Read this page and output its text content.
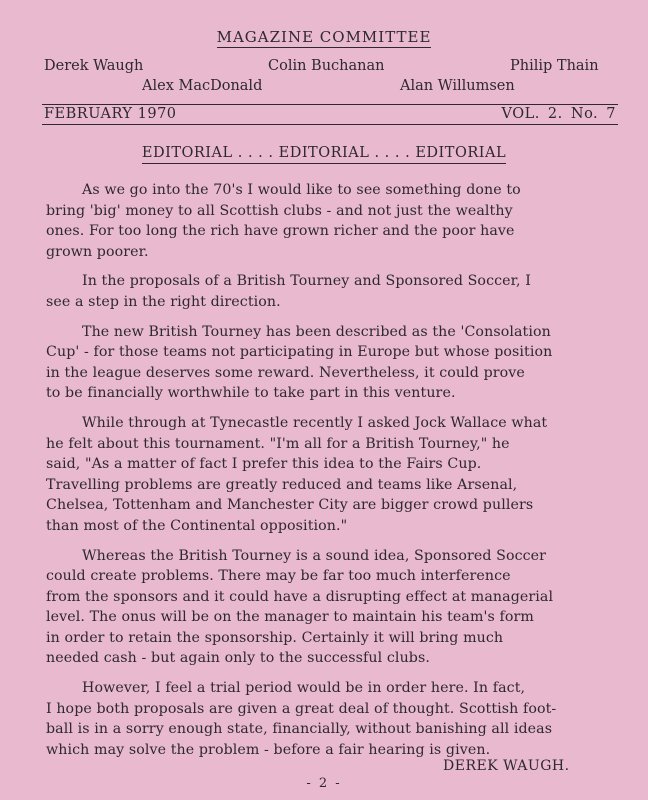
MAGAZINE COMMITTEE
Derek Waugh	Colin Buchanan	Philip Thain
Alex MacDonald	Alan Willumsen
FEBRUARY 1970	VOL. 2. No. 7
EDITORIAL . . . . EDITORIAL . . . . EDITORIAL
As we go into the 70's I would like to see something done to
bring 'big' money to all Scottish clubs - and not just the wealthy
ones. For too long the rich have grown richer and the poor have
grown poorer.
In the proposals of a British Tourney and Sponsored Soccer, I
see a step in the right direction.
The new British Tourney has been described as the 'Consolation
Cup' - for those teams not participating in Europe but whose position
in the league deserves some reward. Nevertheless, it could prove
to be financially worthwhile to take part in this venture.
While through at Tynecastle recently I asked Jock Wallace what
he felt about this tournament. "I'm all for a British Tourney," he
said, "As a matter of fact I prefer this idea to the Fairs Cup.
Travelling problems are greatly reduced and teams like Arsenal,
Chelsea, Tottenham and Manchester City are bigger crowd pullers
than most of the Continental opposition."
Whereas the British Tourney is a sound idea, Sponsored Soccer
could create problems. There may be far too much interference
from the sponsors and it could have a disrupting effect at managerial
level. The onus will be on the manager to maintain his team's form
in order to retain the sponsorship. Certainly it will bring much
needed cash - but again only to the successful clubs.
However, I feel a trial period would be in order here. In fact,
I hope both proposals are given a great deal of thought. Scottish foot-
ball is in a sorry enough state, financially, without banishing all ideas
which may solve the problem - before a fair hearing is given.
DEREK WAUGH.
- 2 -
